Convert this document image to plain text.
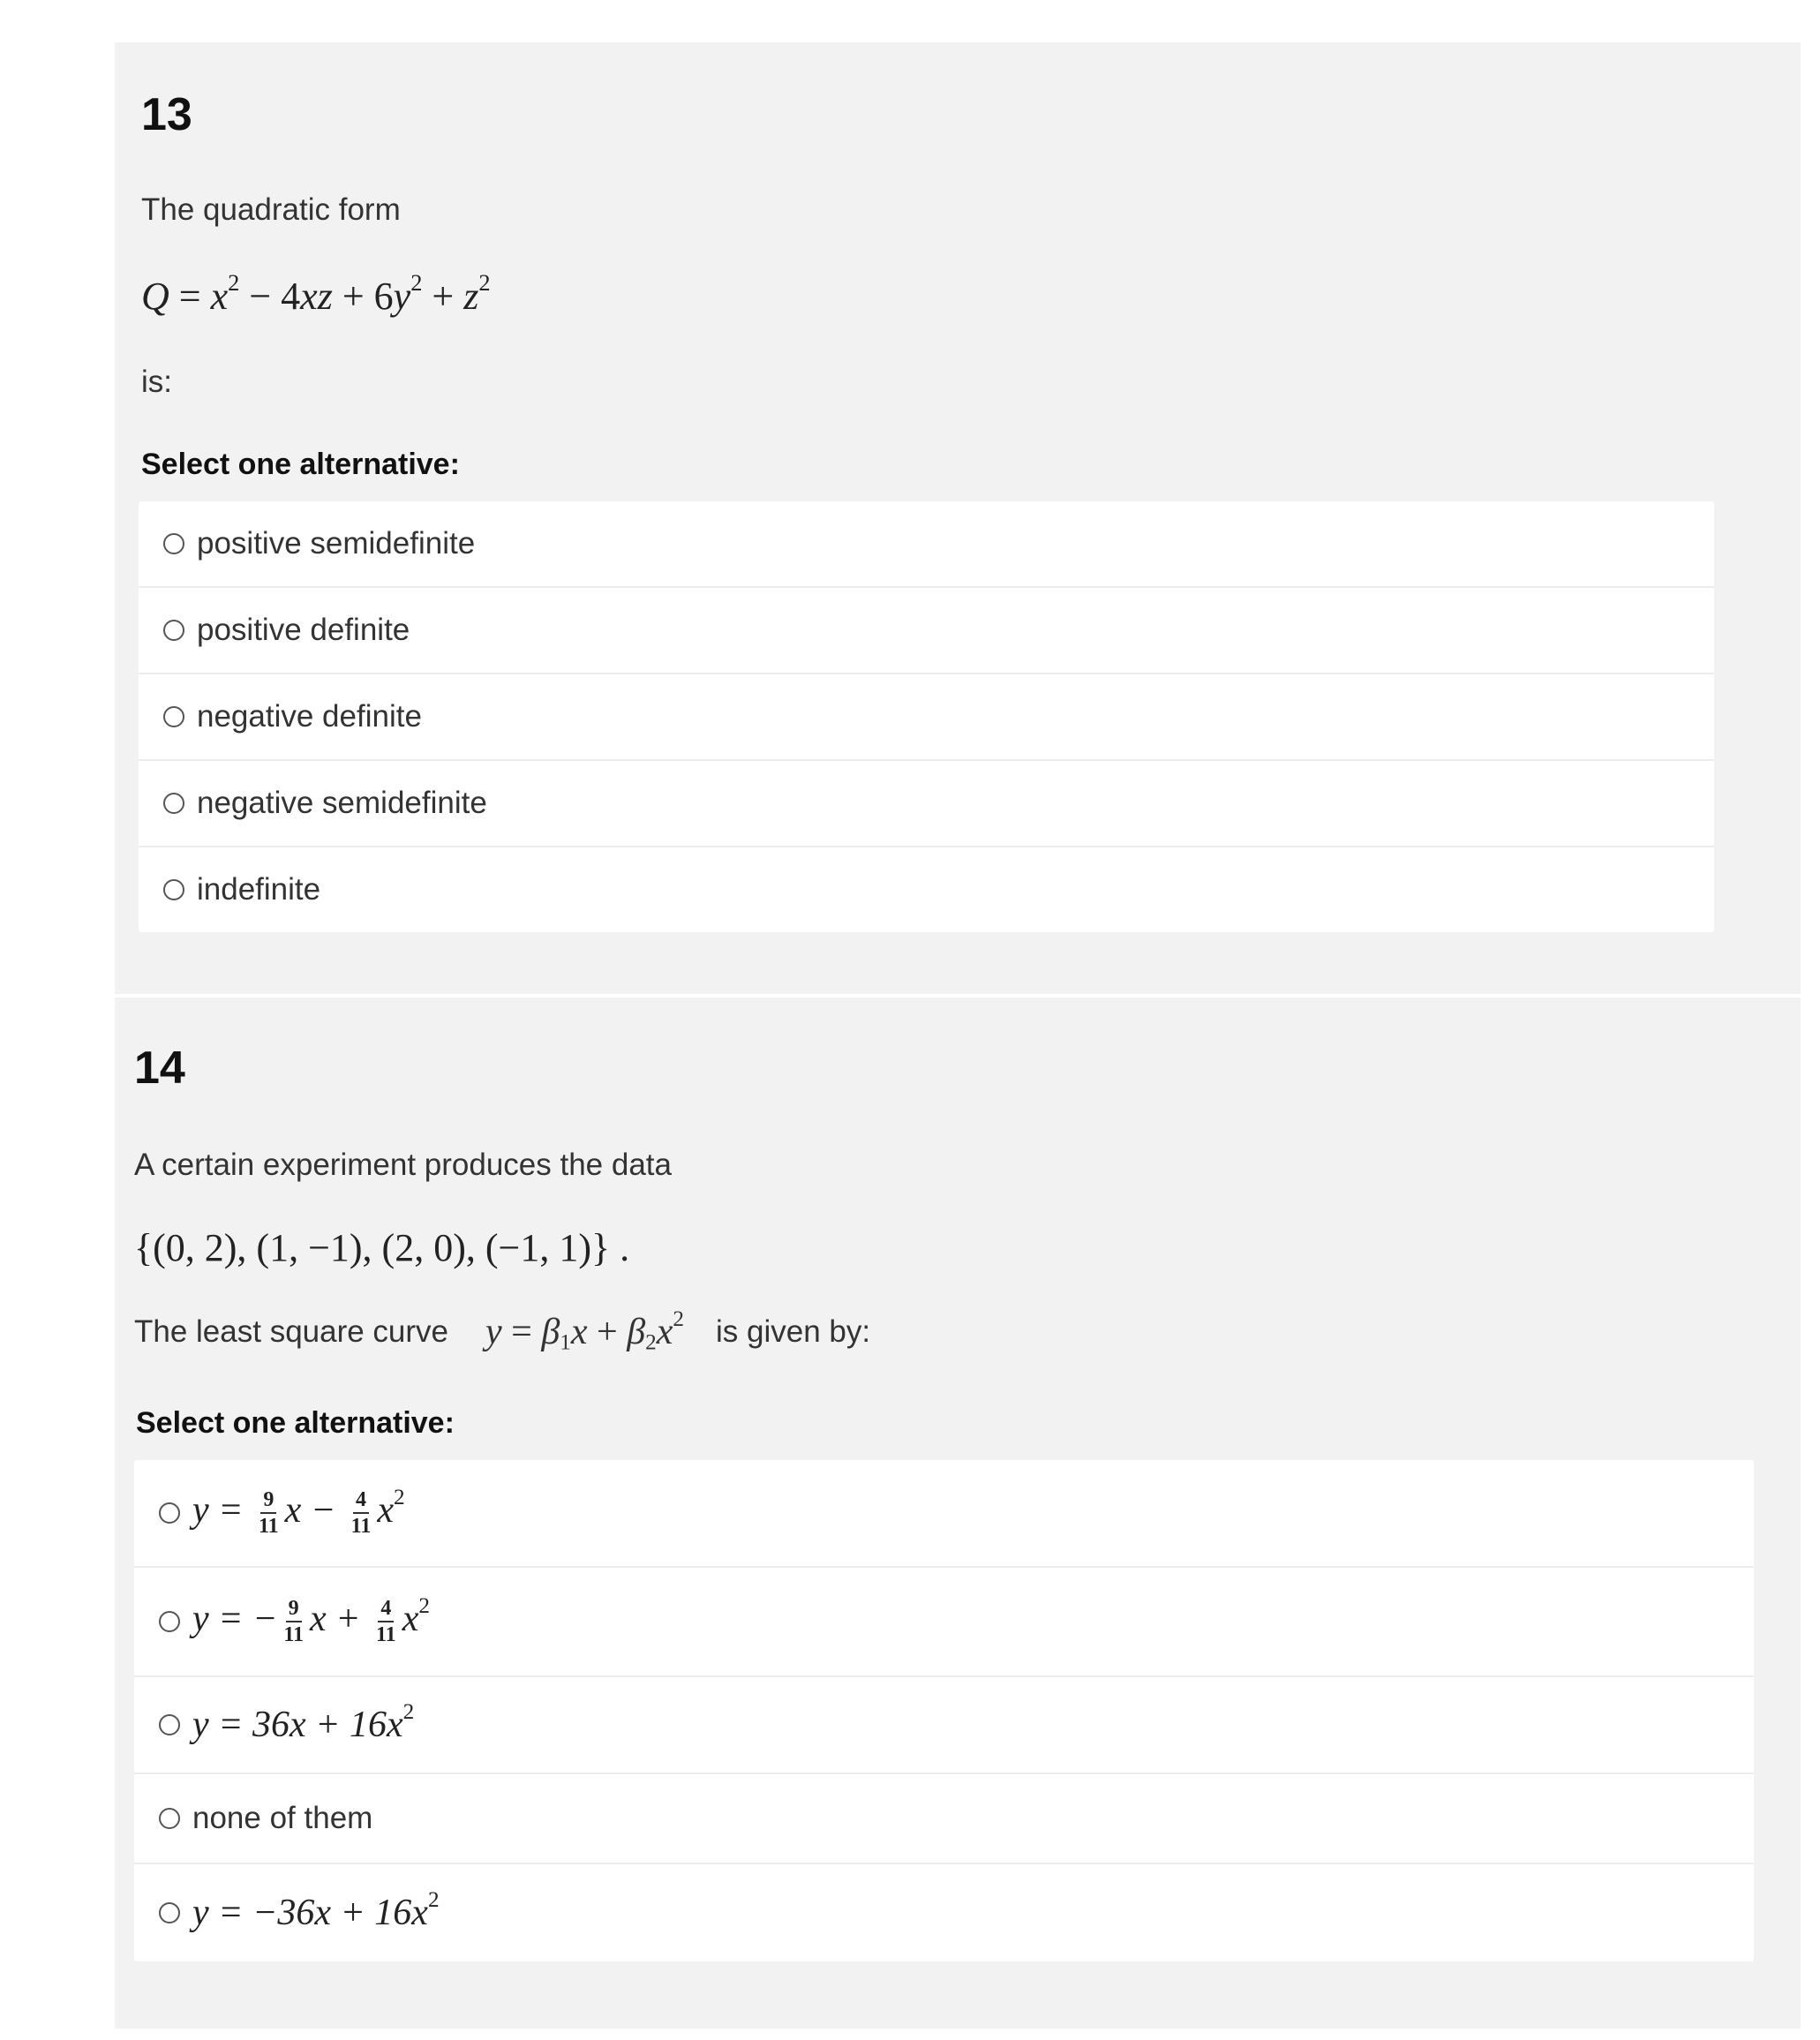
13
The quadratic form
$Q = x^2 - 4xz + 6y^2 + z^2$
is:
Select one alternative:
positive semidefinite
positive definite
negative definite
negative semidefinite
indefinite
14
A certain experiment produces the data
{(0, 2), (1, −1), (2, 0), (−1, 1)} .
The least square curve $y = \beta_1x + \beta_2x^2$ is given by:
Select one alternative:
$y = \frac{9}{11}$ $x - \frac{4}{11} x^2$
y = − $\frac{9}{11}$ $x + \frac{4}{11} x^2$
$y = 36x + 16x^2$
none of them
$y = -36x + 16x^2$
